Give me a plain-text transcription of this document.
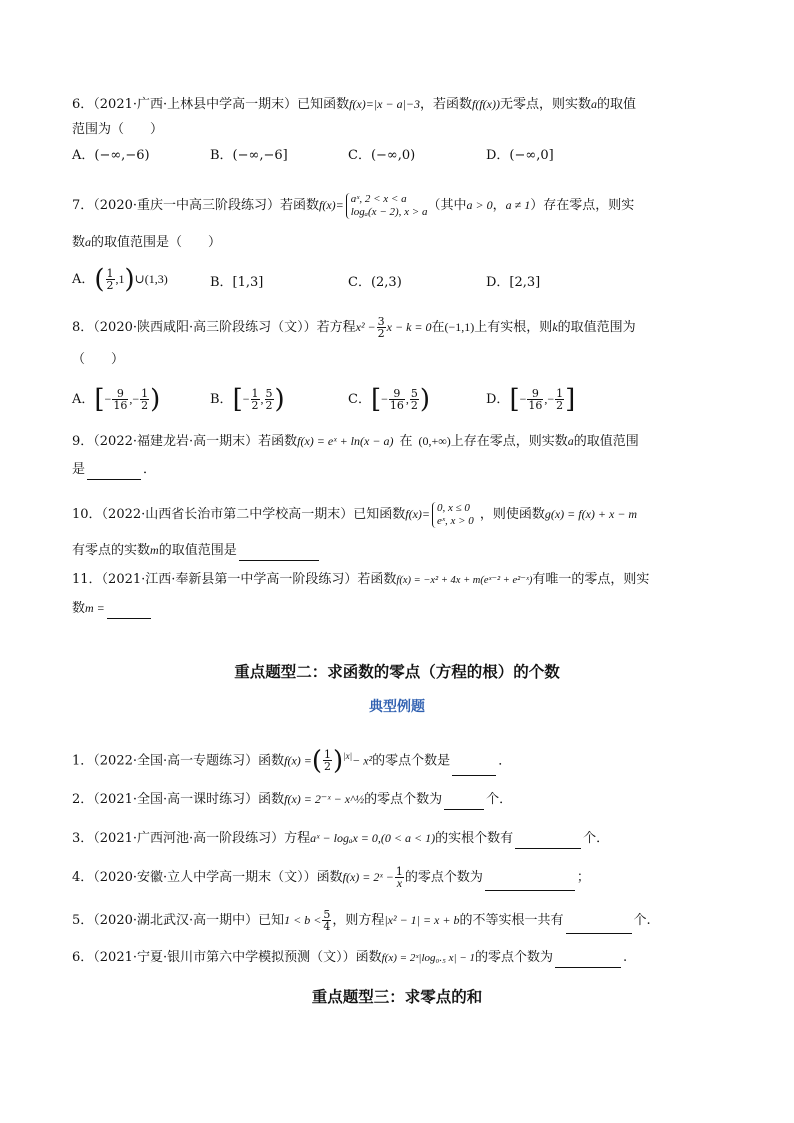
6．（2021·广西·上林县中学高一期末）已知函数f(x)=|x − a|−3，若函数f(f(x))无零点，则实数a的取值
范围为（　　）
A．(−∞,−6)	B．(−∞,−6]	C．(−∞,0)	D．(−∞,0]
7．（2020·重庆一中高三阶段练习）若函数f(x)= aˣ, 2 < x < a
logₐ(x − 2), x > a（其中a > 0，a ≠ 1）存在零点，则实
数a的取值范围是（　　）
A．( $\frac{1}{2}$ ,1)∪(1,3)	B．[1,3]	C．(2,3)	D．[2,3]
8．（2020·陕西咸阳·高三阶段练习（文））若方程$x^2 - \frac{3}{2}$ x − k = 0在(−1,1)上有实根，则k的取值范围为
（　　）
A．[− $\frac{9}{16}$ ,− $\frac{1}{2}$ )	B．[− $\frac{1}{2}$ , $\frac{5}{2}$ )	C．[− $\frac{9}{16}$ , $\frac{5}{2}$ )	D．[− $\frac{9}{16}$ ,− $\frac{1}{2}$ ]
9．（2022·福建龙岩·高一期末）若函数f(x) = eˣ + ln(x − a) 在 (0,+∞)上存在零点，则实数a的取值范围
是	．
10．（2022·山西省长治市第二中学校高一期末）已知函数f(x)= 0, x ≤ 0
eˣ, x > 0 ，则使函数g(x) = f(x) + x − m
有零点的实数m的取值范围是
11．（2021·江西·奉新县第一中学高一阶段练习）若函数f(x) = −x² + 4x + m(eˣ⁻² + e²⁻ˣ)有唯一的零点，则实
数m =
重点题型二：求函数的零点（方程的根）的个数
典型例题
1．（2022·全国·高一专题练习）函数f(x) =( $\frac{1}{2} )^{|x|}- x^2$的零点个数是	．
2．（2021·全国·高一课时练习）函数f(x) = 2⁻ˣ − x^½的零点个数为	个．
3．（2021·广西河池·高一阶段练习）方程aˣ − logₐx = 0,(0 < a < 1)的实根个数有	个．
4．（2020·安徽·立人中学高一期末（文））函数f(x) = 2ˣ − $\frac{1}{x}$ 的零点个数为	；
5．（2020·湖北武汉·高一期中）已知$1 < b < \frac{5}{4}$ ，则方程|x² − 1| = x + b的不等实根一共有	个.
6．（2021·宁夏·银川市第六中学模拟预测（文））函数f(x) = 2ˣ|log₀.₅ x| − 1的零点个数为	.
重点题型三：求零点的和
